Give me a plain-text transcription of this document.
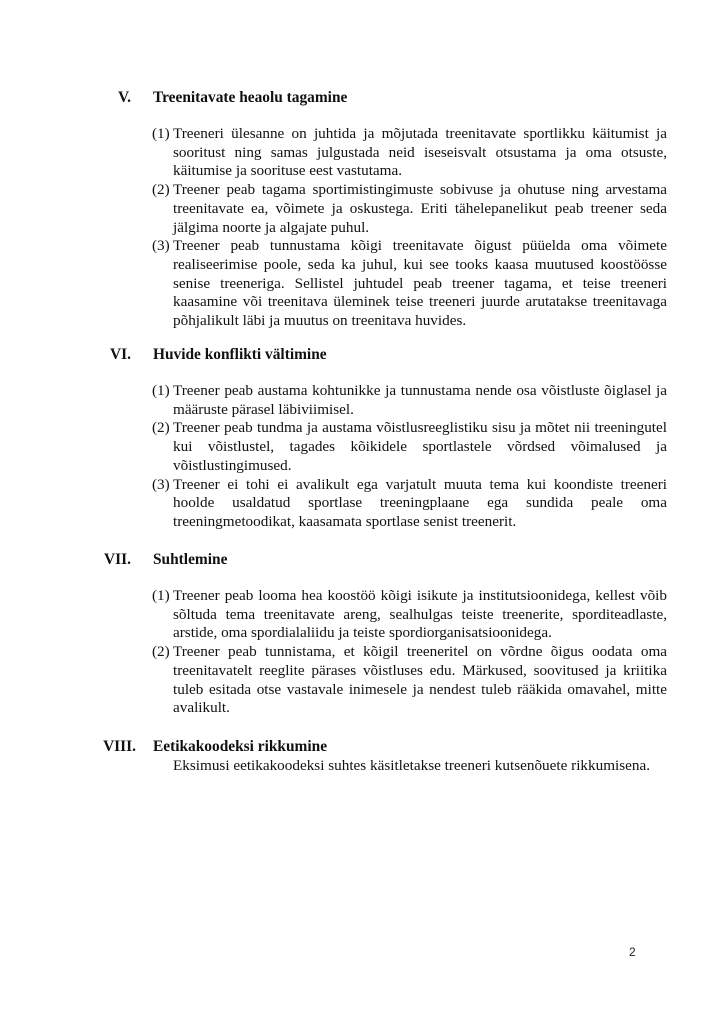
V. Treenitavate heaolu tagamine
(1) Treeneri ülesanne on juhtida ja mõjutada treenitavate sportlikku käitumist ja sooritust ning samas julgustada neid iseseisvalt otsustama ja oma otsuste, käitumise ja soorituse eest vastutama.
(2) Treener peab tagama sportimistingimuste sobivuse ja ohutuse ning arvestama treenitavate ea, võimete ja oskustega. Eriti tähelepanelikut peab treener seda jälgima noorte ja algajate puhul.
(3) Treener peab tunnustama kõigi treenitavate õigust püüelda oma võimete realiseerimise poole, seda ka juhul, kui see tooks kaasa muutused koostöösse senise treeneriga. Sellistel juhtudel peab treener tagama, et teise treeneri kaasamine või treenitava üleminek teise treeneri juurde arutatakse treenitavaga põhjalikult läbi ja muutus on treenitava huvides.
VI. Huvide konflikti vältimine
(1) Treener peab austama kohtunikke ja tunnustama nende osa võistluste õiglasel ja määruste pärasel läbiviimisel.
(2) Treener peab tundma ja austama võistlusreeglistiku sisu ja mõtet nii treeningutel kui võistlustel, tagades kõikidele sportlastele võrdsed võimalused ja võistlustingimused.
(3) Treener ei tohi ei avalikult ega varjatult muuta tema kui koondiste treeneri hoolde usaldatud sportlase treeningplaane ega sundida peale oma treeningmetoodikat, kaasamata sportlase senist treenerit.
VII. Suhtlemine
(1) Treener peab looma hea koostöö kõigi isikute ja institutsioonidega, kellest võib sõltuda tema treenitavate areng, sealhulgas teiste treenerite, sporditeadlaste, arstide, oma spordialaliidu ja teiste spordiorganisatsioonidega.
(2) Treener peab tunnistama, et kõigil treeneritel on võrdne õigus oodata oma treenitavatelt reeglite pärases võistluses edu. Märkused, soovitused ja kriitika tuleb esitada otse vastavale inimesele ja nendest tuleb rääkida omavahel, mitte avalikult.
VIII. Eetikakoodeksi rikkumine
Eksimusi eetikakoodeksi suhtes käsitletakse treeneri kutsenõuete rikkumisena.
2
